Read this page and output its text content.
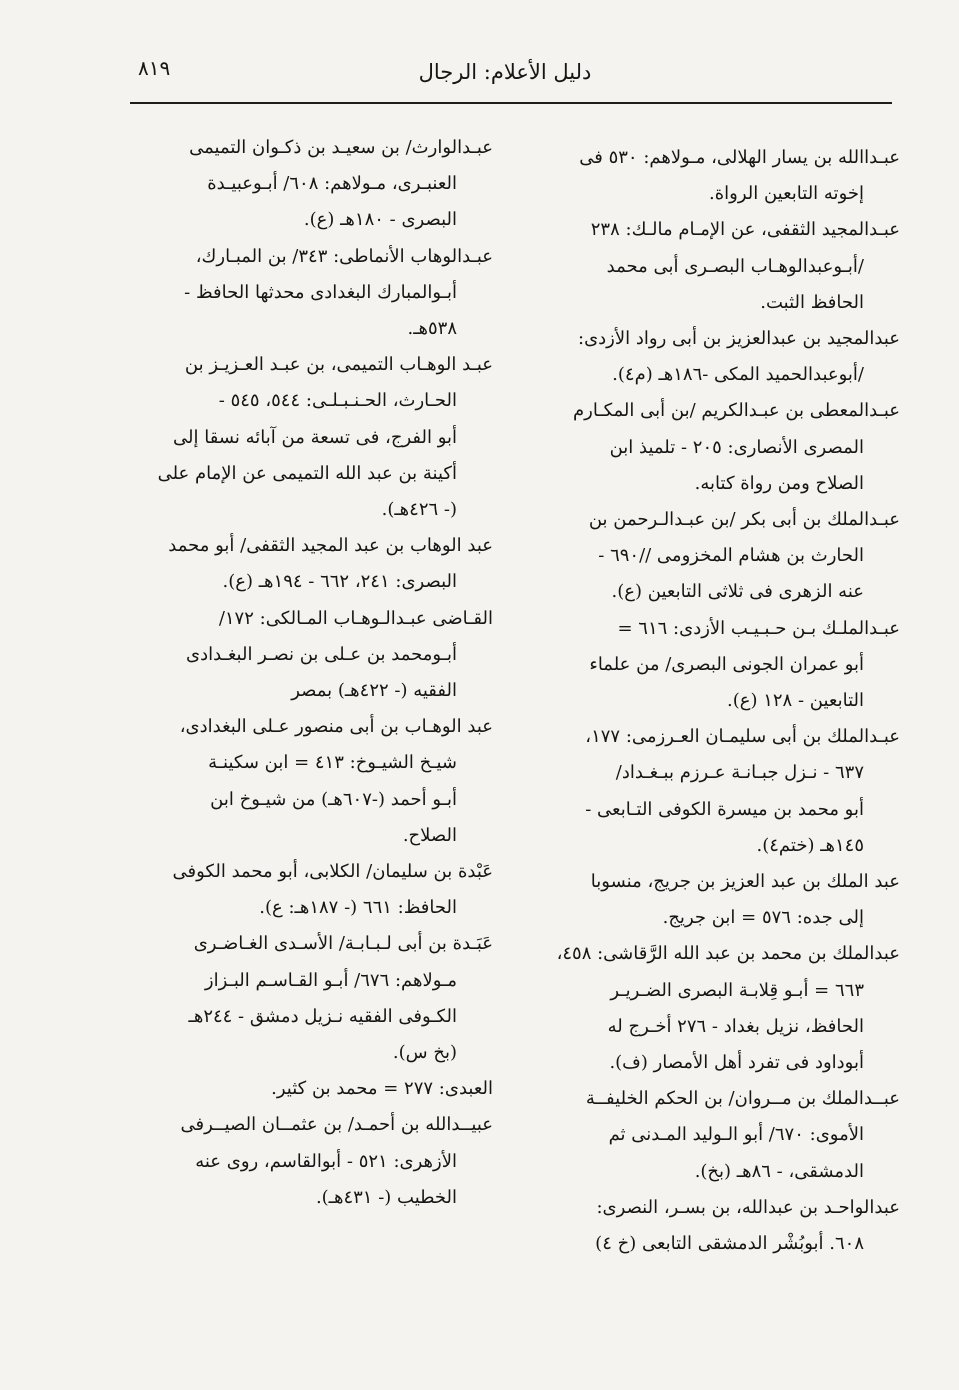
دليل الأعلام: الرجال
٨١٩
عبـداالله بن يسار الهلالى، مـولاهم: ٥٣٠ فى
إخوته التابعين الرواة.
عبـدالمجيد الثقفى، عن الإمـام مالـك: ٢٣٨
/أبـوعبدالوهـاب البصـرى أبى محمد
الحافظ الثبت.
عبدالمجيد بن عبدالعزيز بن أبى رواد الأزدى:
/أبوعبدالحميد المكى -١٨٦هـ (م٤).
عبـدالمعطى بن عبـدالكريم /بن أبى المكـارم
المصرى الأنصارى: ٢٠٥ - تلميذ ابن
الصلاح ومن رواة كتابه.
عبـدالملك بن أبى بكر /بن عبـدالـرحمن بن
الحارث بن هشام المخزومى //٦٩٠ -
عنه الزهرى فى ثلاثى التابعين (ع).
عبـدالملـك بـن حـبـيـب الأزدى: ٦١٦ =
أبو عمران الجونى البصرى/ من علماء
التابعين - ١٢٨ (ع).
عبـدالملك بن أبى سليمـان العـرزمى: ١٧٧،
٦٣٧ - نـزل جبـانـة عـرزم ببـغـداد/
أبو محمد بن ميسرة الكوفى التـابعى -
١٤٥هـ (ختم٤).
عبد الملك بن عبد العزيز بن جريج، منسوبا
إلى جده: ٥٧٦ = ابن جريج.
عبدالملك بن محمد بن عبد الله الرَّقاشى: ٤٥٨،
٦٦٣ = أبـو قِلابـة البصرى الضـريـر
الحافظ، نزيل بغداد - ٢٧٦ أخـرج له
أبوداود فى تفرد أهل الأمصار (ف).
عبــدالملك بن مــروان/ بن الحكم الخليفــة
الأموى: ٦٧٠/ أبو الـوليد المـدنى ثم
الدمشقى، - ٨٦هـ (بخ).
عبدالواحـد بن عبدالله، بن بسـر، النصرى:
٦٠٨. أبوبُشْر الدمشقى التابعى (خ ٤)
عبـدالوارث/ بن سعيـد بن ذكـوان التميمى
العنبـرى، مـولاهم: ٦٠٨/ أبـوعبيـدة
البصرى - ١٨٠هـ (ع).
عبـدالوهاب الأنماطى: ٣٤٣/ بن المبـارك،
أبـوالمبارك البغدادى محدثها الحافظ -
٥٣٨هـ.
عبـد الوهـاب التميمى، بن عبـد العـزيـز بن
الحـارث، الحـنـبـلـى: ٥٤٤، ٥٤٥ -
أبو الفرج، فى تسعة من آبائه نسقا إلى
أكينة بن عبد الله التميمى عن الإمام على
(- ٤٢٦هـ).
عبد الوهاب بن عبد المجيد الثقفى/ أبو محمد
البصرى: ٢٤١، ٦٦٢ - ١٩٤هـ (ع).
القـاضى عبـدالـوهـاب المـالكى: ١٧٢/
أبـومحمد بن عـلى بن نصـر البغـدادى
الفقيه (- ٤٢٢هـ) بمصر
عبد الوهـاب بن أبى منصور عـلى البغدادى،
شيـخ الشيـوخ: ٤١٣ = ابن سكينـة
أبـو أحمد (-٦٠٧هـ) من شيـوخ ابن
الصلاح.
عَبْدة بن سليمان/ الكلابى، أبو محمد الكوفى
الحافظ: ٦٦١ (- ١٨٧هـ: ع).
عَبَـدة بن أبى لـبـابـة/ الأسـدى الغـاضـرى
مـولاهم: ٦٧٦/ أبـو القـاسـم البـزاز
الكـوفى الفقيه نـزيل دمشق - ٢٤٤هـ
(بخ س).
العبدى: ٢٧٧ = محمد بن كثير.
عبيــدالله بن أحمـد/ بن عثمــان الصيــرفى
الأزهرى: ٥٢١ - أبوالقاسم، روى عنه
الخطيب (- ٤٣١هـ).
